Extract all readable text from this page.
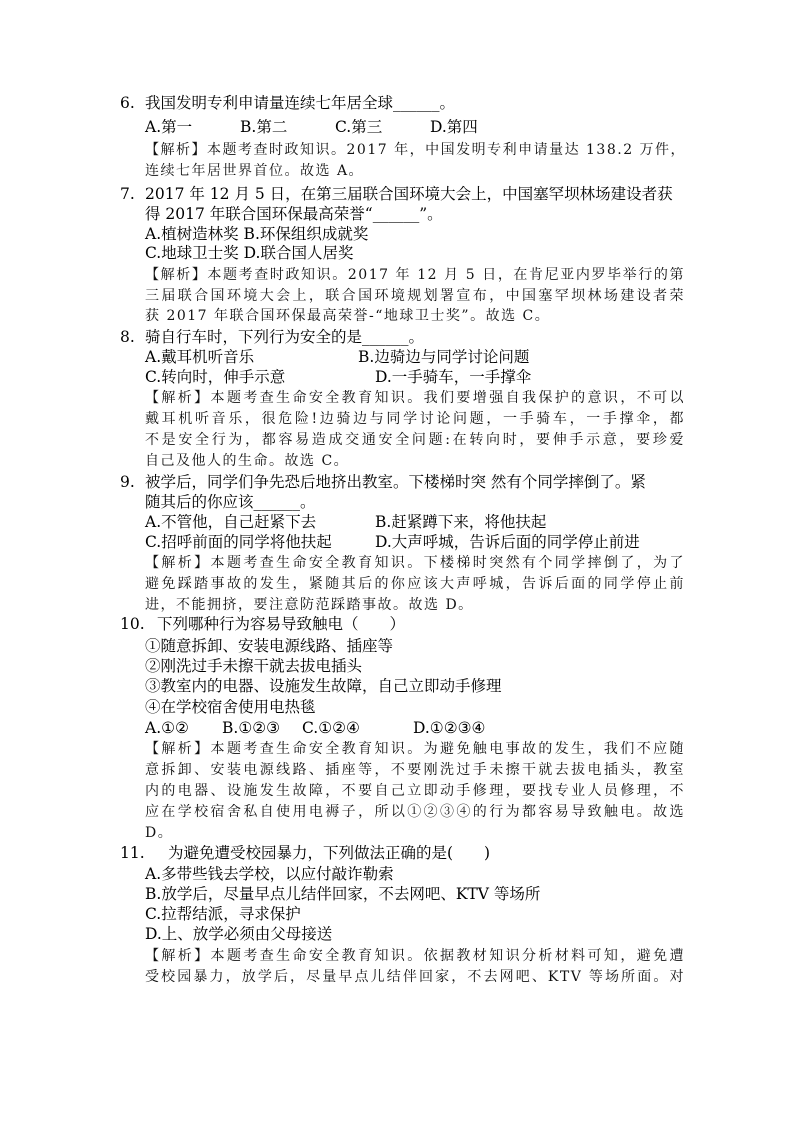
6. 我国发明专利申请量连续七年居全球______。
A.第一	B.第二	C.第三	D.第四
【解析】本题考查时政知识。2017 年，中国发明专利申请量达 138.2 万件，
连续七年居世界首位。故选 A。
7. 2017 年 12 月 5 日，在第三届联合国环境大会上，中国塞罕坝林场建设者获
得 2017 年联合国环保最高荣誉“______”。
A.植树造林奖 B.环保组织成就奖
C.地球卫士奖 D.联合国人居奖
【解析】本题考查时政知识。2017 年 12 月 5 日，在肯尼亚内罗毕举行的第
三届联合国环境大会上，联合国环境规划署宣布，中国塞罕坝林场建设者荣
获 2017 年联合国环保最高荣誉-“地球卫士奖”。故选 C。
8. 骑自行车时，下列行为安全的是______。
A.戴耳机听音乐	B.边骑边与同学讨论问题
C.转向时，伸手示意	D.一手骑车，一手撑伞
【解析】本题考查生命安全教育知识。我们要增强自我保护的意识，不可以
戴耳机听音乐，很危险!边骑边与同学讨论问题，一手骑车，一手撑伞，都
不是安全行为，都容易造成交通安全问题:在转向时，要伸手示意，要珍爱
自己及他人的生命。故选 C。
9. 被学后，同学们争先恐后地挤出教室。下楼梯时突 然有个同学摔倒了。紧
随其后的你应该______。
A.不管他，自己赶紧下去	B.赶紧蹲下来，将他扶起
C.招呼前面的同学将他扶起	D.大声呼城，告诉后面的同学停止前进
【解析】本题考查生命安全教育知识。下楼梯时突然有个同学摔倒了，为了
避免踩踏事故的发生，紧随其后的你应该大声呼城，告诉后面的同学停止前
进，不能拥挤，要注意防范踩踏事故。故选 D。
10. 下列哪种行为容易导致触电（　　）
①随意拆卸、安装电源线路、插座等
②刚洗过手未擦干就去拔电插头
③教室内的电器、设施发生故障，自己立即动手修理
④在学校宿舍使用电热毯
A.①② B.①②③ C.①②④	D.①②③④
【解析】本题考查生命安全教育知识。为避免触电事故的发生，我们不应随
意拆卸、安装电源线路、插座等，不要刚洗过手未擦干就去拔电插头，教室
内的电器、设施发生故障，不要自己立即动手修理，要找专业人员修理，不
应在学校宿舍私自使用电褥子，所以①②③④的行为都容易导致触电。故选
D。
11. 为避免遭受校园暴力，下列做法正确的是(　　)
A.多带些钱去学校，以应付敲诈勒索
B.放学后，尽量早点儿结伴回家，不去网吧、KTV 等场所
C.拉帮结派，寻求保护
D.上、放学必须由父母接送
【解析】本题考查生命安全教育知识。依据教材知识分析材料可知，避免遭
受校园暴力，放学后，尽量早点儿结伴回家，不去网吧、KTV 等场所面。对
